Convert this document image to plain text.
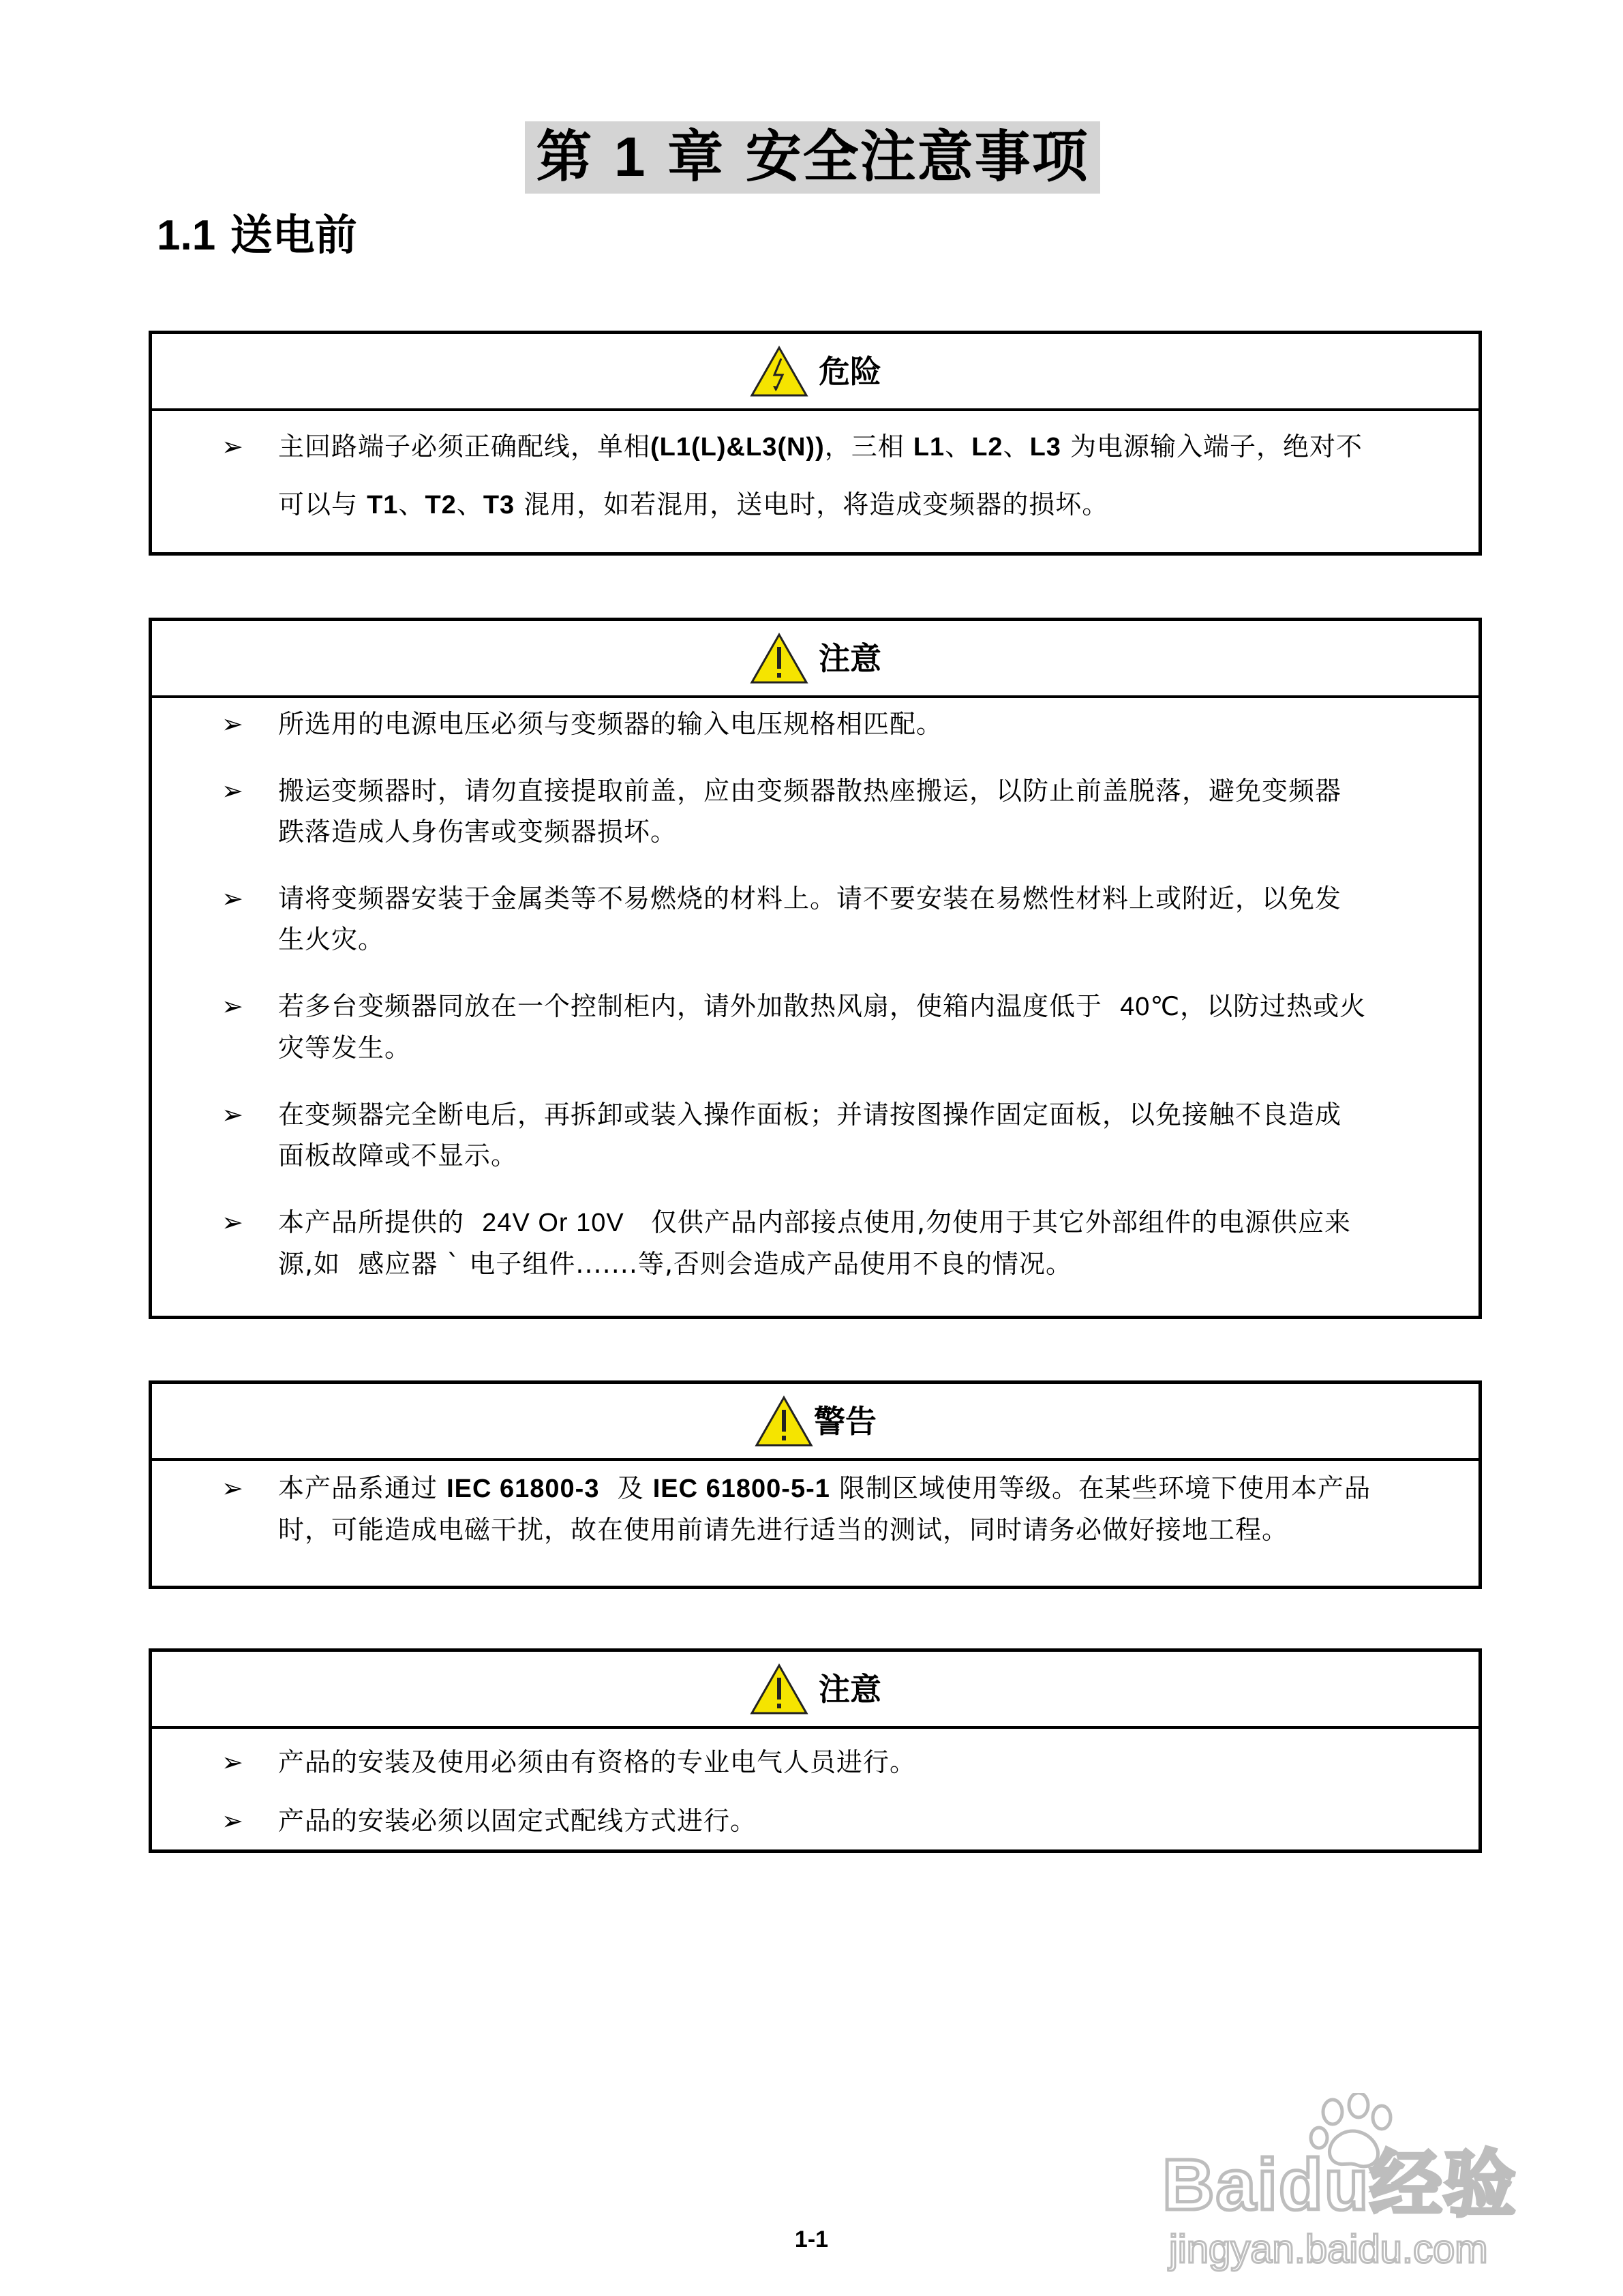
第 1 章 安全注意事项
1.1 送电前
危险
➢	主回路端子必须正确配线，单相(L1(L)&L3(N))，三相 L1、L2、L3 为电源输入端子，绝对不
可以与 T1、T2、T3 混用，如若混用，送电时，将造成变频器的损坏。
注意
➢	所选用的电源电压必须与变频器的输入电压规格相匹配。
➢	搬运变频器时，请勿直接提取前盖，应由变频器散热座搬运，以防止前盖脱落，避免变频器
跌落造成人身伤害或变频器损坏。
➢	请将变频器安装于金属类等不易燃烧的材料上。请不要安装在易燃性材料上或附近，以免发
生火灾。
➢	若多台变频器同放在一个控制柜内，请外加散热风扇，使箱内温度低于  40℃，以防过热或火
灾等发生。
➢	在变频器完全断电后，再拆卸或装入操作面板；并请按图操作固定面板，以免接触不良造成
面板故障或不显示。
➢	本产品所提供的  24V Or 10V   仅供产品内部接点使用,勿使用于其它外部组件的电源供应来
源,如  感应器 ` 电子组件.......等,否则会造成产品使用不良的情况。
警告
➢	本产品系通过 IEC 61800-3  及 IEC 61800-5-1 限制区域使用等级。在某些环境下使用本产品
时，可能造成电磁干扰，故在使用前请先进行适当的测试，同时请务必做好接地工程。
注意
➢	产品的安装及使用必须由有资格的专业电气人员进行。
➢	产品的安装必须以固定式配线方式进行。
Baidu经验
jingyan.baidu.com
1-1
